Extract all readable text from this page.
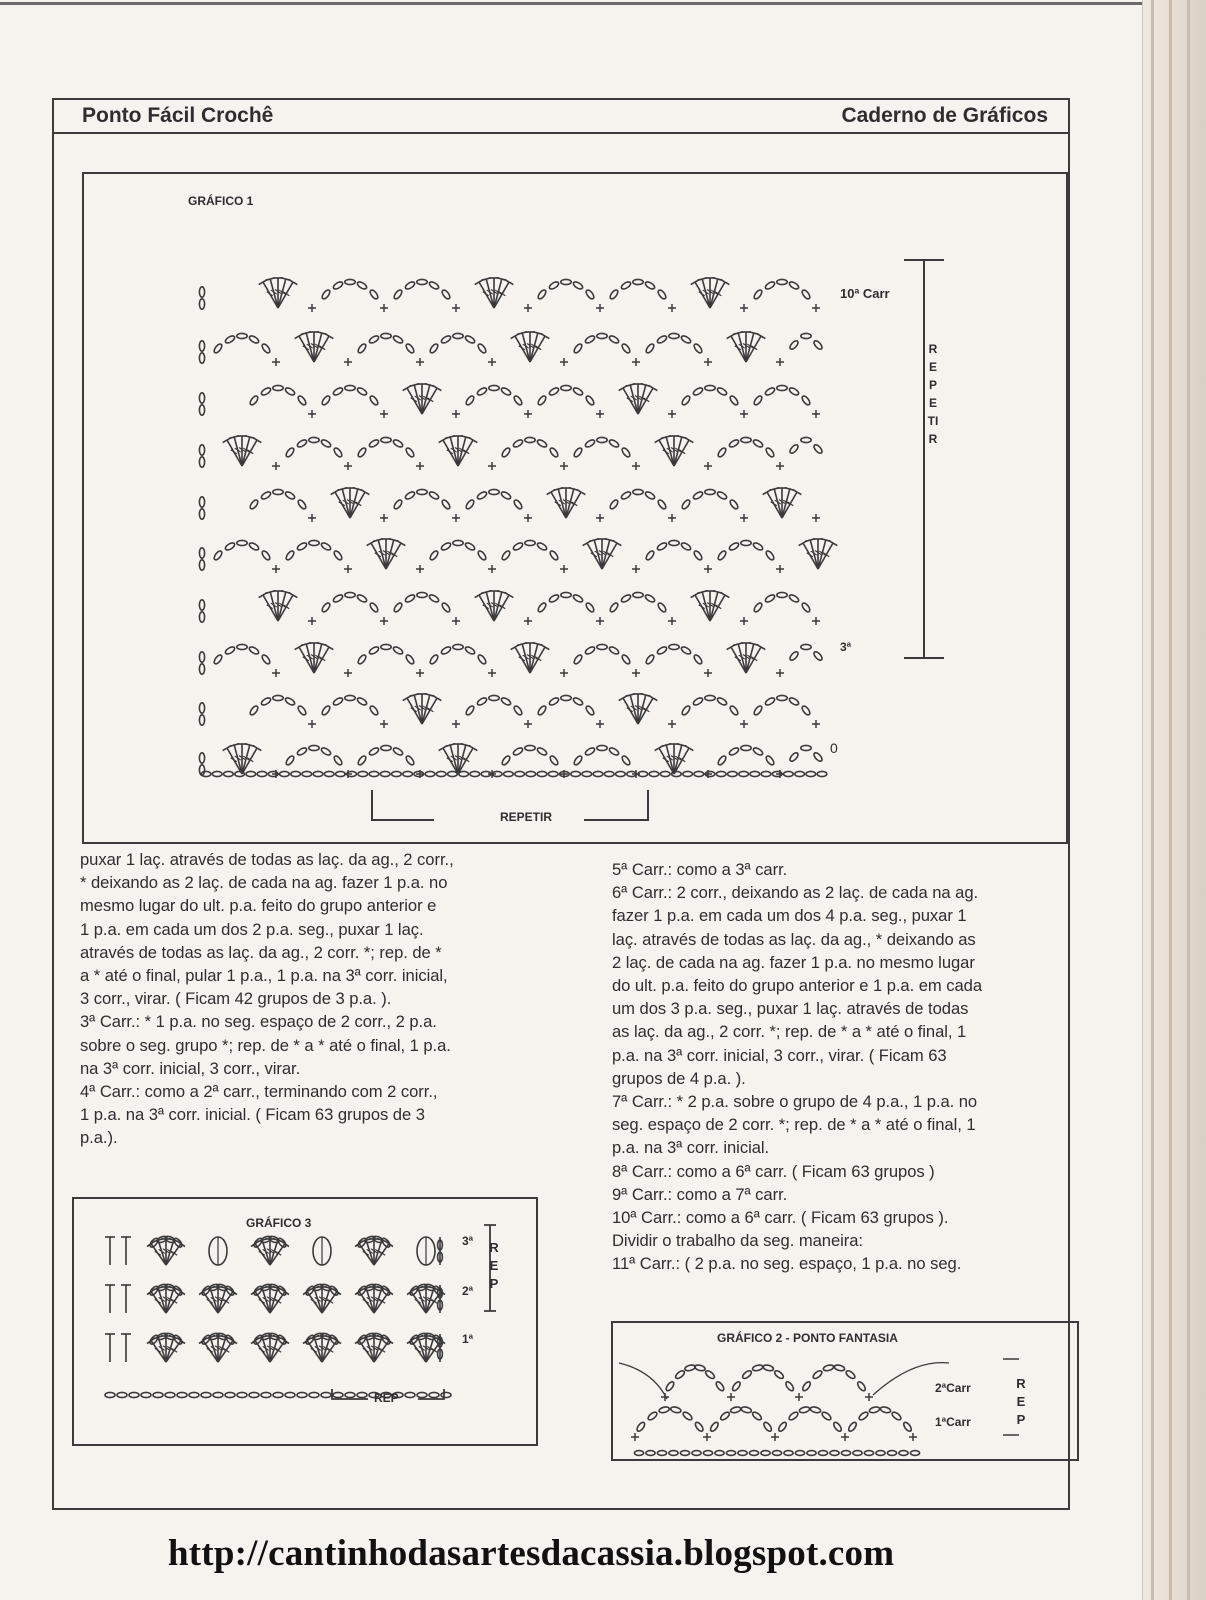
Ponto Fácil Crochê	Caderno de Gráficos
GRÁFICO 1
10ª Carr
3ª
0
REPETIR
GRÁFICO 3
3ª
2ª
1ª
REP
GRÁFICO 2 - PONTO FANTASIA
2ªCarr
1ªCarr
REPETIR
REP
REP

puxar 1 laç. através de todas as laç. da ag., 2 corr.,

* deixando as 2 laç. de cada na ag. fazer 1 p.a. no

mesmo lugar do ult. p.a. feito do grupo anterior e

1 p.a. em cada um dos 2 p.a. seg., puxar 1 laç.

através de todas as laç. da ag., 2 corr. *; rep. de *

a * até o final, pular 1 p.a., 1 p.a. na 3ª corr. inicial,

3 corr., virar. ( Ficam 42 grupos de 3 p.a. ).

3ª Carr.: * 1 p.a. no seg. espaço de 2 corr., 2 p.a.

sobre o seg. grupo *; rep. de * a * até o final, 1 p.a.

na 3ª corr. inicial, 3 corr., virar.

4ª Carr.: como a 2ª carr., terminando com 2 corr.,

1 p.a. na 3ª corr. inicial. ( Ficam 63 grupos de 3

p.a.).

5ª Carr.: como a 3ª carr.

6ª Carr.: 2 corr., deixando as 2 laç. de cada na ag.

fazer 1 p.a. em cada um dos 4 p.a. seg., puxar 1

laç. através de todas as laç. da ag., * deixando as

2 laç. de cada na ag. fazer 1 p.a. no mesmo lugar

do ult. p.a. feito do grupo anterior e 1 p.a. em cada

um dos 3 p.a. seg., puxar 1 laç. através de todas

as laç. da ag., 2 corr. *; rep. de * a * até o final, 1

p.a. na 3ª corr. inicial, 3 corr., virar. ( Ficam 63

grupos de 4 p.a. ).

7ª Carr.: * 2 p.a. sobre o grupo de 4 p.a., 1 p.a. no

seg. espaço de 2 corr. *; rep. de * a * até o final, 1

p.a. na 3ª corr. inicial.

8ª Carr.: como a 6ª carr. ( Ficam 63 grupos )

9ª Carr.: como a 7ª carr.

10ª Carr.: como a 6ª carr. ( Ficam 63 grupos ).

Dividir o trabalho da seg. maneira:

11ª Carr.: ( 2 p.a. no seg. espaço, 1 p.a. no seg.

http://cantinhodasartesdacassia.blogspot.com
